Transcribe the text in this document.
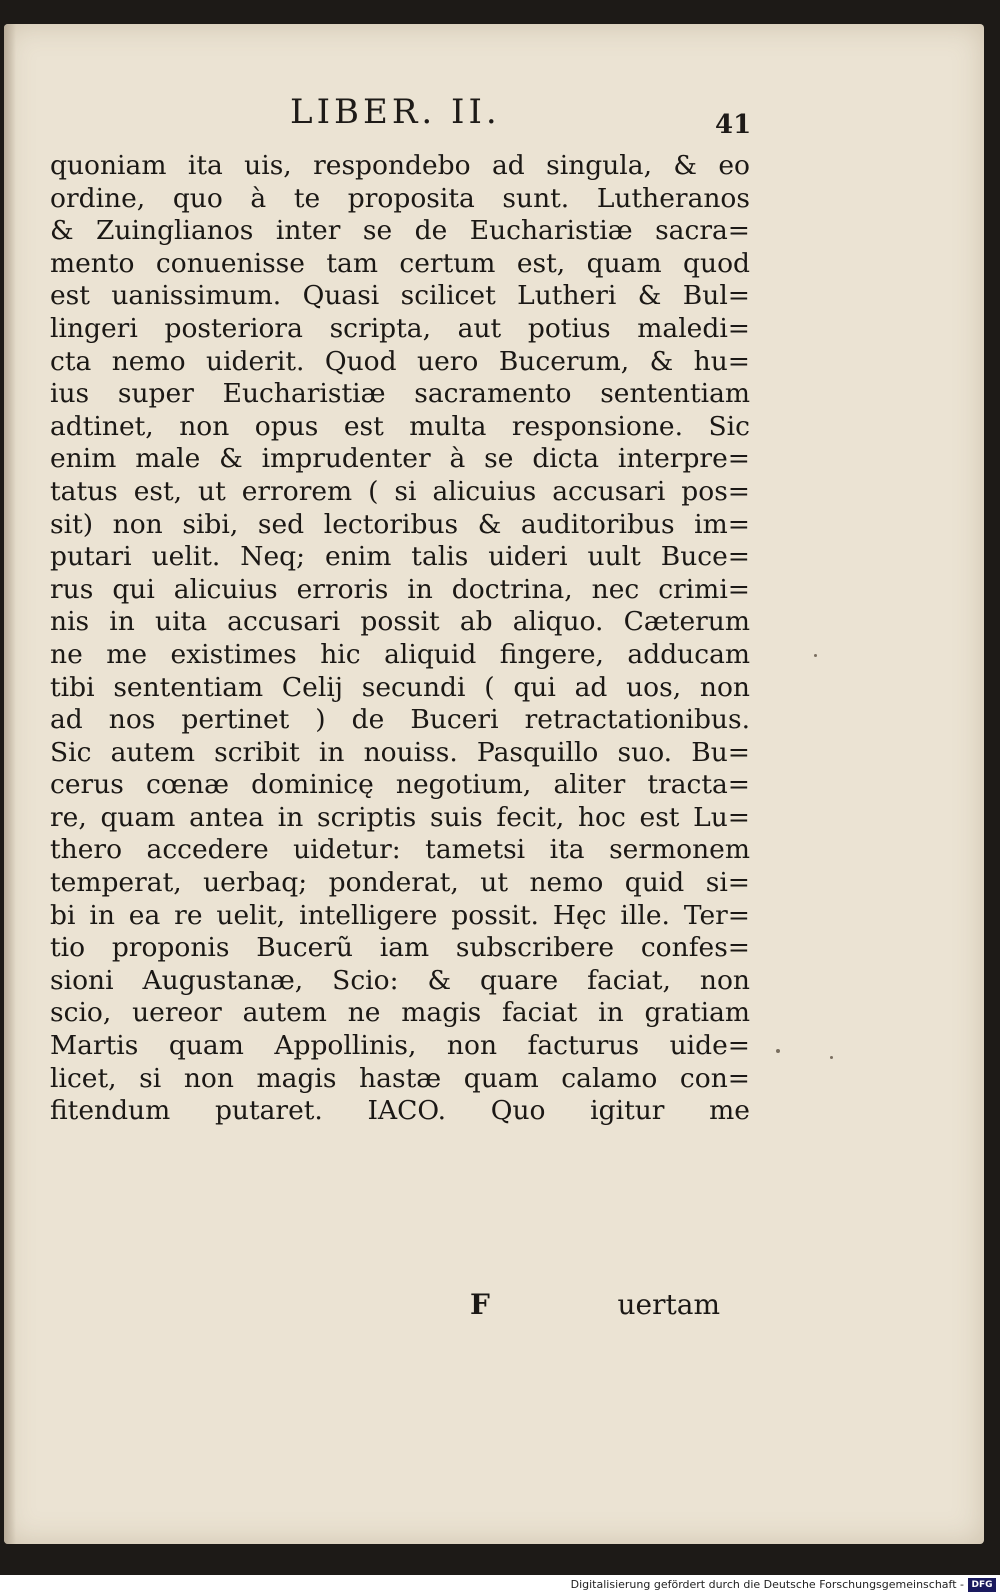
LIBER. II.	41
quoniam ita uis, respondebo ad singula, & eo
ordine, quo à te proposita sunt. Lutheranos
& Zuinglianos inter se de Eucharistiæ sacra=
mento conuenisse tam certum est, quam quod
est uanissimum. Quasi scilicet Lutheri & Bul=
lingeri posteriora scripta, aut potius maledi=
cta nemo uiderit. Quod uero Bucerum, & hu=
ius super Eucharistiæ sacramento sententiam
adtinet, non opus est multa responsione. Sic
enim male & imprudenter à se dicta interpre=
tatus est, ut errorem ( si alicuius accusari pos=
sit) non sibi, sed lectoribus & auditoribus im=
putari uelit. Neq; enim talis uideri uult Buce=
rus qui alicuius erroris in doctrina, nec crimi=
nis in uita accusari possit ab aliquo. Cæterum
ne me existimes hic aliquid fingere, adducam
tibi sententiam Celij secundi ( qui ad uos, non
ad nos pertinet ) de Buceri retractationibus.
Sic autem scribit in nouiss. Pasquillo suo. Bu=
cerus cœnæ dominicę negotium, aliter tracta=
re, quam antea in scriptis suis fecit, hoc est Lu=
thero accedere uidetur: tametsi ita sermonem
temperat, uerbaq; ponderat, ut nemo quid si=
bi in ea re uelit, intelligere possit. Hęc ille. Ter=
tio proponis Bucerũ iam subscribere confes=
sioni Augustanæ, Scio: & quare faciat, non
scio, uereor autem ne magis faciat in gratiam
Martis quam Appollinis, non facturus uide=
licet, si non magis hastæ quam calamo con=
fitendum putaret. IACO. Quo igitur me
F	uertam
Digitalisierung gefördert durch die Deutsche Forschungsgemeinschaft - DFG
